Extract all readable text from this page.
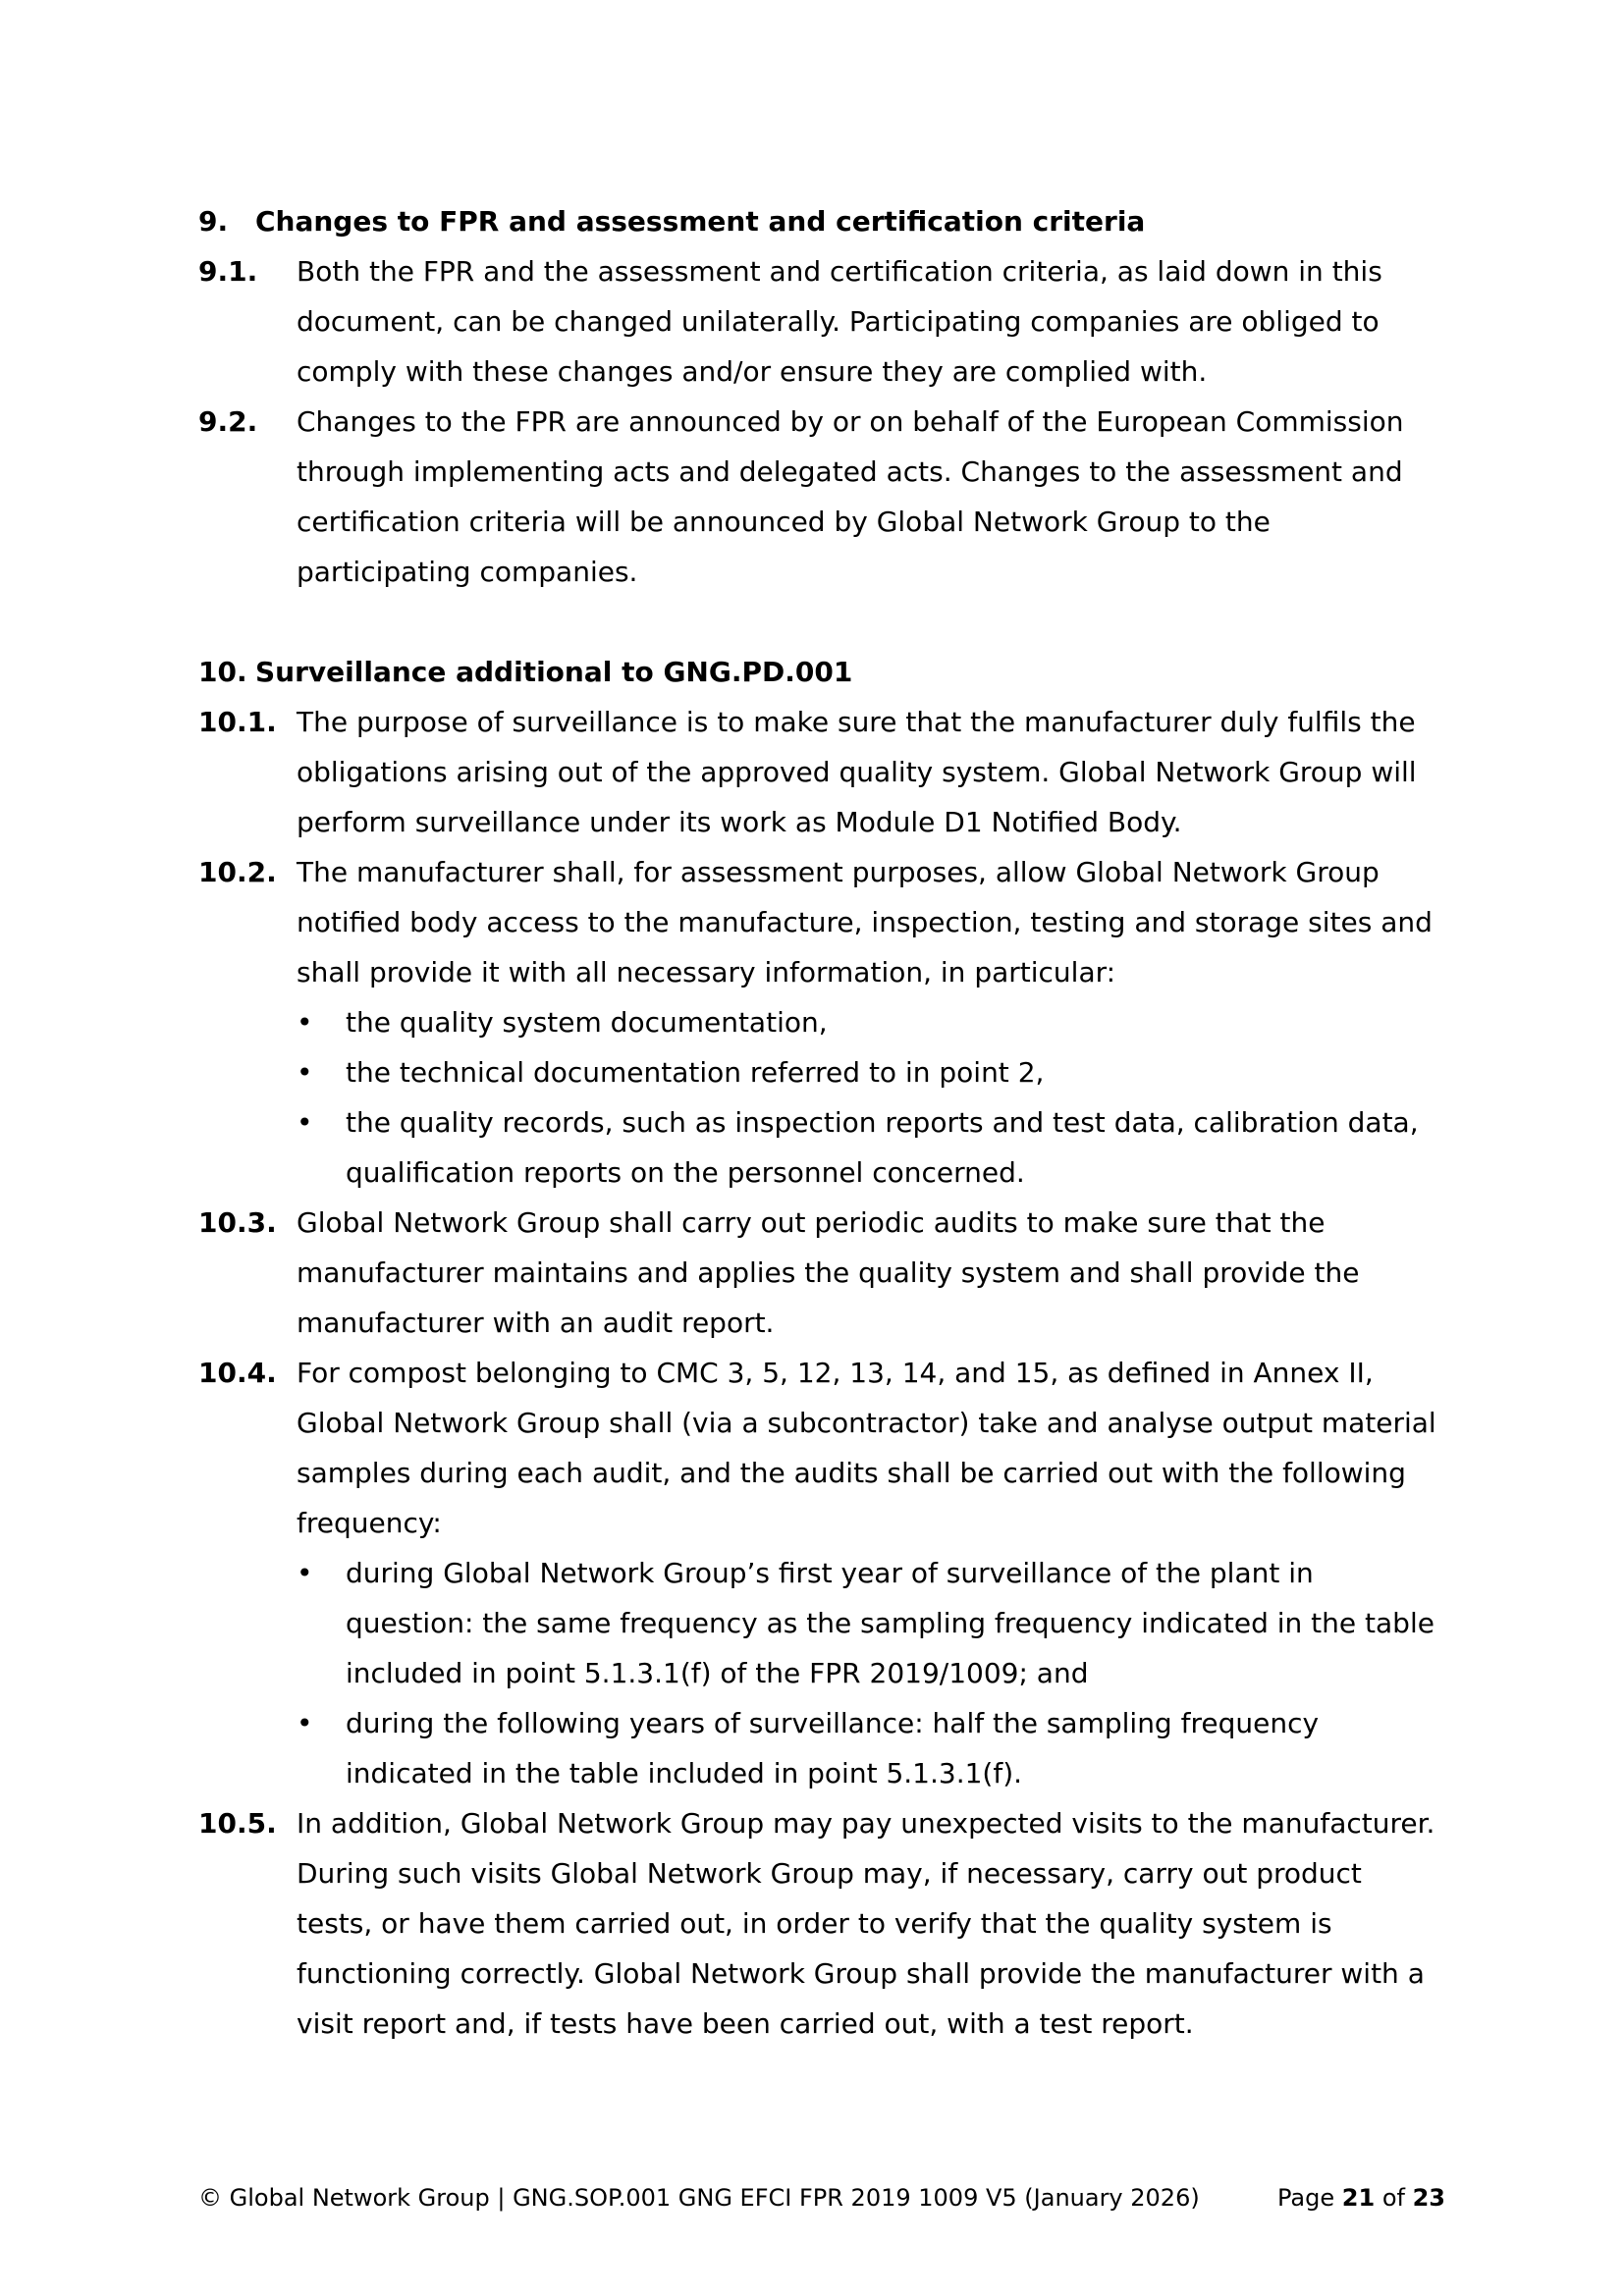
9. Changes to FPR and assessment and certification criteria
9.1.	Both the FPR and the assessment and certification criteria, as laid down in this document, can be changed unilaterally. Participating companies are obliged to comply with these changes and/or ensure they are complied with.
9.2.	Changes to the FPR are announced by or on behalf of the European Commission through implementing acts and delegated acts. Changes to the assessment and certification criteria will be announced by Global Network Group to the participating companies.
10. Surveillance additional to GNG.PD.001
10.1. The purpose of surveillance is to make sure that the manufacturer duly fulfils the obligations arising out of the approved quality system. Global Network Group will perform surveillance under its work as Module D1 Notified Body.
10.2. The manufacturer shall, for assessment purposes, allow Global Network Group notified body access to the manufacture, inspection, testing and storage sites and shall provide it with all necessary information, in particular:
•	the quality system documentation,
•	the technical documentation referred to in point 2,
•	the quality records, such as inspection reports and test data, calibration data, qualification reports on the personnel concerned.
10.3. Global Network Group shall carry out periodic audits to make sure that the manufacturer maintains and applies the quality system and shall provide the manufacturer with an audit report.
10.4. For compost belonging to CMC 3, 5, 12, 13, 14, and 15, as defined in Annex II, Global Network Group shall (via a subcontractor) take and analyse output material samples during each audit, and the audits shall be carried out with the following frequency:
•	during Global Network Group’s first year of surveillance of the plant in question: the same frequency as the sampling frequency indicated in the table included in point 5.1.3.1(f) of the FPR 2019/1009; and
•	during the following years of surveillance: half the sampling frequency indicated in the table included in point 5.1.3.1(f).
10.5. In addition, Global Network Group may pay unexpected visits to the manufacturer. During such visits Global Network Group may, if necessary, carry out product tests, or have them carried out, in order to verify that the quality system is functioning correctly. Global Network Group shall provide the manufacturer with a visit report and, if tests have been carried out, with a test report.
© Global Network Group | GNG.SOP.001 GNG EFCI FPR 2019 1009 V5 (January 2026)	Page 21 of 23
